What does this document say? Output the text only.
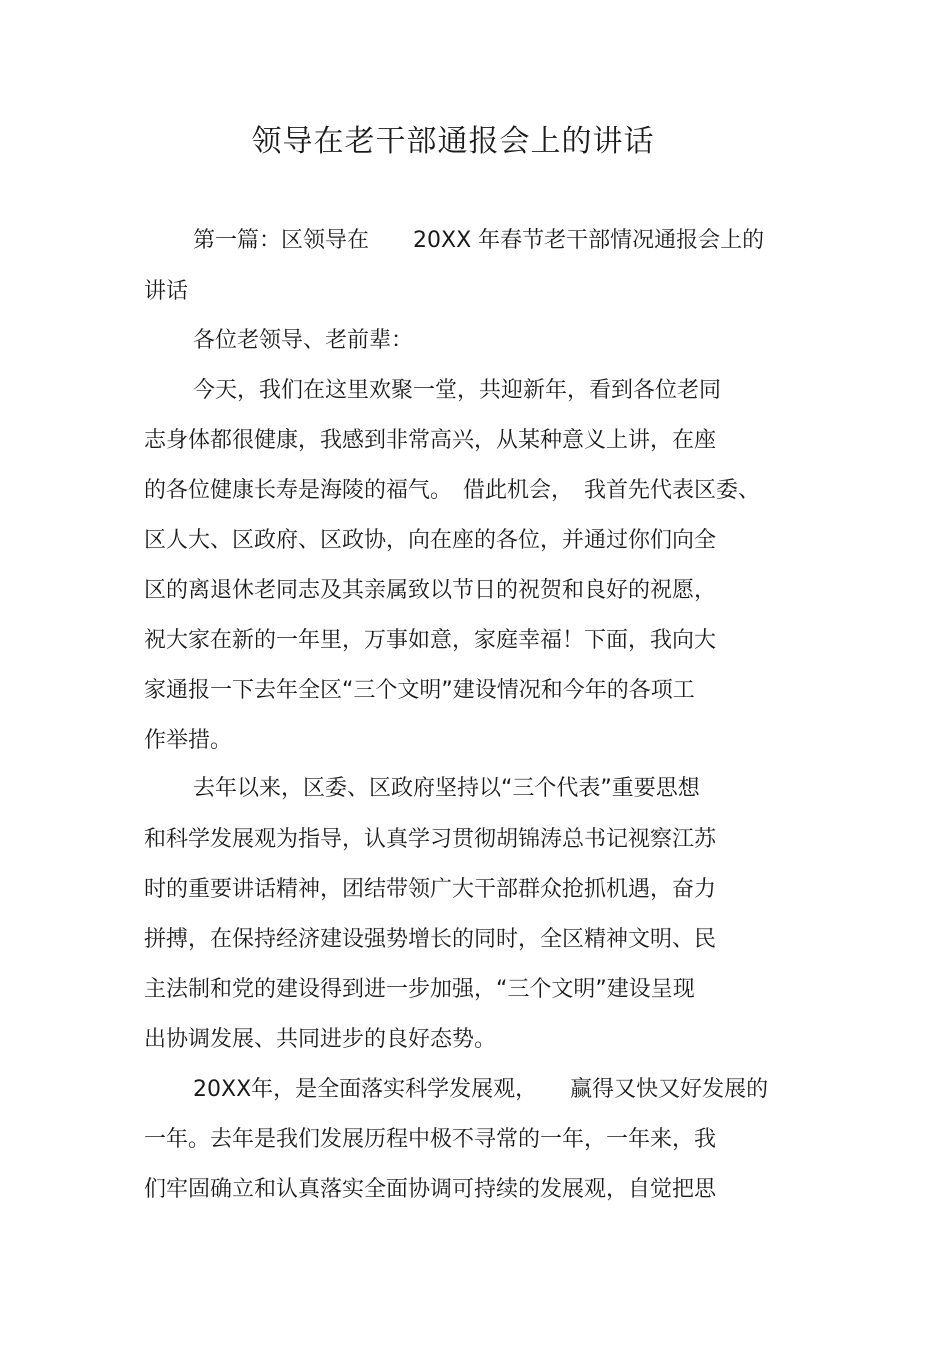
领导在老干部通报会上的讲话

第一篇：区领导在　　20XX 年春节老干部情况通报会上的

讲话

各位老领导、老前辈：

今天，我们在这里欢聚一堂，共迎新年，看到各位老同

志身体都很健康，我感到非常高兴，从某种意义上讲，在座

的各位健康长寿是海陵的福气。　借此机会，　我首先代表区委、

区人大、区政府、区政协，向在座的各位，并通过你们向全

区的离退休老同志及其亲属致以节日的祝贺和良好的祝愿，

祝大家在新的一年里，万事如意，家庭幸福！下面，我向大

家通报一下去年全区“三个文明”建设情况和今年的各项工

作举措。

去年以来，区委、区政府坚持以“三个代表”重要思想

和科学发展观为指导，认真学习贯彻胡锦涛总书记视察江苏

时的重要讲话精神，团结带领广大干部群众抢抓机遇，奋力

拼搏，在保持经济建设强势增长的同时，全区精神文明、民

主法制和党的建设得到进一步加强，“三个文明”建设呈现

出协调发展、共同进步的良好态势。

20XX年，是全面落实科学发展观，　　赢得又快又好发展的

一年。去年是我们发展历程中极不寻常的一年，一年来，我

们牢固确立和认真落实全面协调可持续的发展观，自觉把思
